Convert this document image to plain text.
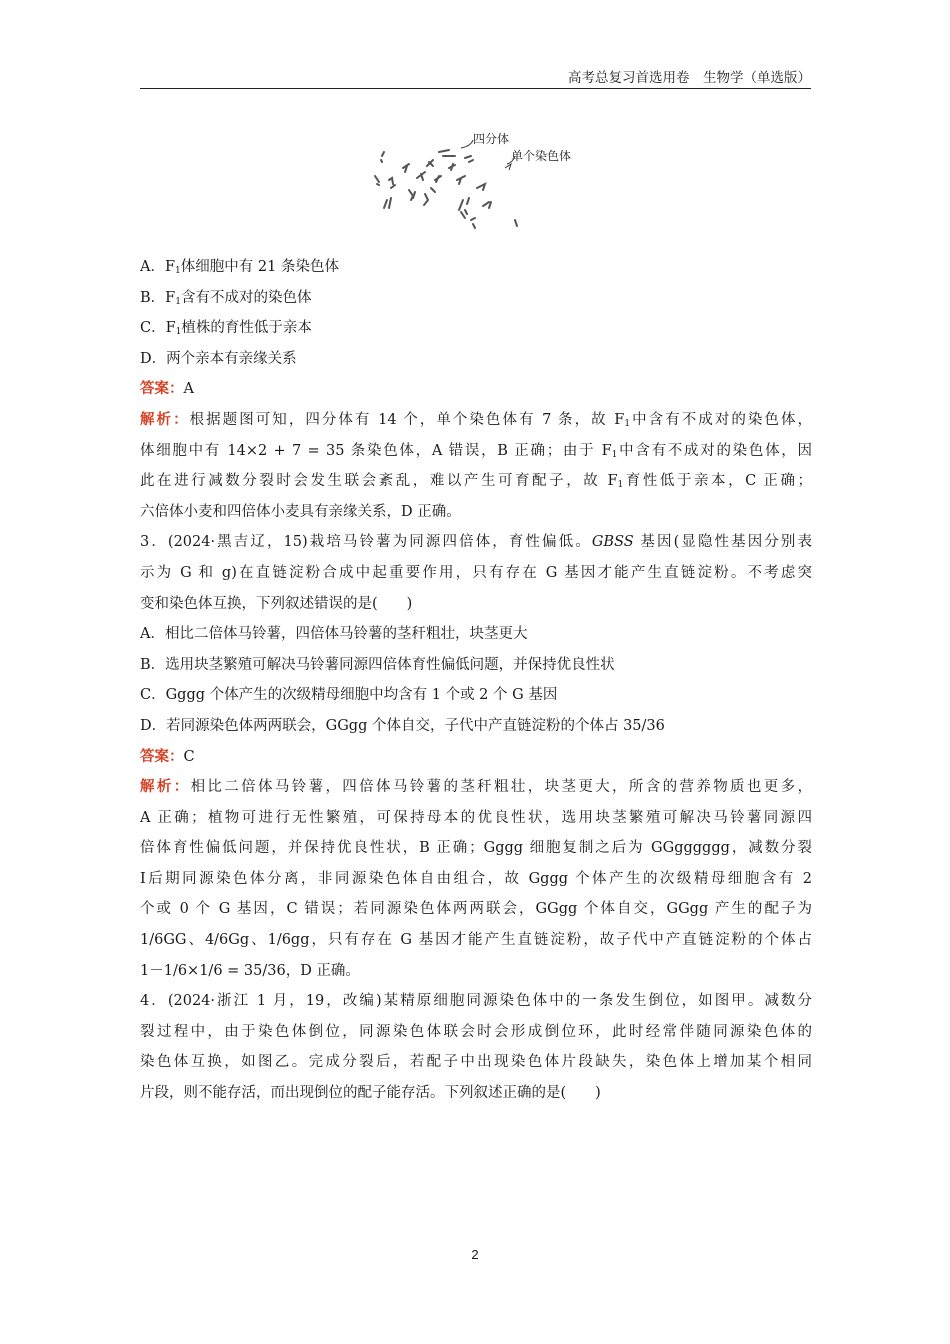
高考总复习首选用卷　生物学（单选版）
四分体
单个染色体
A．$F_1$体细胞中有 21 条染色体
B．$F_1$含有不成对的染色体
C．$F_1$植株的育性低于亲本
D．两个亲本有亲缘关系
答案：A
解析：根据题图可知，四分体有 14 个，单个染色体有 7 条，故 $F_1$中含有不成对的染色体，
体细胞中有 14×2 + 7 = 35 条染色体，A 错误，B 正确；由于 $F_1$中含有不成对的染色体，因
此在进行减数分裂时会发生联会紊乱，难以产生可育配子，故 $F_1$育性低于亲本，C 正确；
六倍体小麦和四倍体小麦具有亲缘关系，D 正确。
3．(2024·黑吉辽，15)栽培马铃薯为同源四倍体，育性偏低。GBSS 基因(显隐性基因分别表
示为 G 和 g)在直链淀粉合成中起重要作用，只有存在 G 基因才能产生直链淀粉。不考虑突
变和染色体互换，下列叙述错误的是(　　)
A．相比二倍体马铃薯，四倍体马铃薯的茎秆粗壮，块茎更大
B．选用块茎繁殖可解决马铃薯同源四倍体育性偏低问题，并保持优良性状
C．Gggg 个体产生的次级精母细胞中均含有 1 个或 2 个 G 基因
D．若同源染色体两两联会，GGgg 个体自交，子代中产直链淀粉的个体占 35/36
答案：C
解析：相比二倍体马铃薯，四倍体马铃薯的茎秆粗壮，块茎更大，所含的营养物质也更多，
A 正确；植物可进行无性繁殖，可保持母本的优良性状，选用块茎繁殖可解决马铃薯同源四
倍体育性偏低问题，并保持优良性状，B 正确；Gggg 细胞复制之后为 GGgggggg，减数分裂
Ⅰ后期同源染色体分离，非同源染色体自由组合，故 Gggg 个体产生的次级精母细胞含有 2
个或 0 个 G 基因，C 错误；若同源染色体两两联会，GGgg 个体自交，GGgg 产生的配子为
1/6GG、4/6Gg、1/6gg，只有存在 G 基因才能产生直链淀粉，故子代中产直链淀粉的个体占
1－1/6×1/6 = 35/36，D 正确。
4．(2024·浙江 1 月，19，改编)某精原细胞同源染色体中的一条发生倒位，如图甲。减数分
裂过程中，由于染色体倒位，同源染色体联会时会形成倒位环，此时经常伴随同源染色体的
染色体互换，如图乙。完成分裂后，若配子中出现染色体片段缺失，染色体上增加某个相同
片段，则不能存活，而出现倒位的配子能存活。下列叙述正确的是(　　)
2
